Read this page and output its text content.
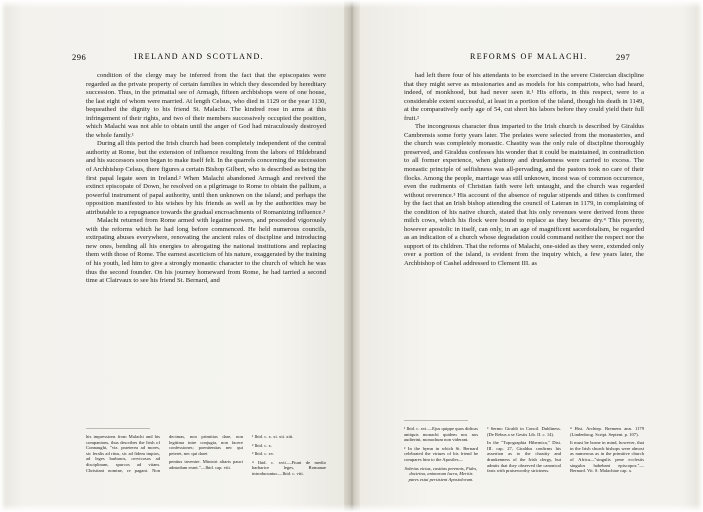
296	IRELAND AND SCOTLAND.

condition of the clergy may be inferred from the fact that the episcopates were regarded as the private property of certain families in which they descended by hereditary succession. Thus, in the primatial see of Armagh, fifteen archbishops were of one house, the last eight of whom were married. At length Celsus, who died in 1129 or the year 1130, bequeathed the dignity to his friend St. Malachi. The kindred rose in arms at this infringement of their rights, and two of their members successively occupied the position, which Malachi was not able to obtain until the anger of God had miraculously destroyed the whole family.¹

During all this period the Irish church had been completely independent of the central authority at Rome, but the extension of influence resulting from the labors of Hildebrand and his successors soon began to make itself felt. In the quarrels concerning the succession of Archbishop Celsus, there figures a certain Bishop Gilbert, who is described as being the first papal legate seen in Ireland.² When Malachi abandoned Armagh and revived the extinct episcopate of Down, he resolved on a pilgrimage to Rome to obtain the pallium, a powerful instrument of papal authority, until then unknown on the island; and perhaps the opposition manifested to his wishes by his friends as well as by the authorities may be attributable to a repugnance towards the gradual encroachments of Romanizing influence.³

Malachi returned from Rome armed with legatine powers, and proceeded vigorously with the reforms which he had long before commenced. He held numerous councils, extirpating abuses everywhere, renovating the ancient rules of discipline and introducing new ones, bending all his energies to abrogating the national institutions and replacing them with those of Rome. The earnest asceticism of his nature, exaggerated by the training of his youth, led him to give a strongly monastic character to the church of which he was thus the second founder. On his journey homeward from Rome, he had tarried a second time at Clairvaux to see his friend St. Bernard, and

his impressions from Malachi and his companions, thus describes the Irish of Connaught, "viz. praeterea ad mores, sic feralis ad ritus, sic ad fidem impios, ad leges barbaros, cervicosos ad disciplinam, spurcos ad vitam. Christiani nomine, re pagani. Non decimas, non primitias dare, non legitima inire conjugia, non facere confessiones; poenitentias nec qui peteret, nec qui daret
penitus invenire. Ministri altaris pauci admodum erant."—Ibid. cap. viii.
¹ Ibid. c. x. xi. xii. xiii.
² Ibid. c. x.
³ Ibid. c. xv.
⁴ Ibid. c. xvii.—Fiunt de medio barbarice leges, Romanae introducuntur.—Ibid. c. viii.
297
REFORMS OF MALACHI.

had left there four of his attendants to be exercised in the severe Cistercian discipline that they might serve as missionaries and as models for his compatriots, who had heard, indeed, of monkhood, but had never seen it.¹ His efforts, in this respect, were to a considerable extent successful, at least in a portion of the island, though his death in 1149, at the comparatively early age of 54, cut short his labors before they could yield their full fruit.²

The incongruous character thus imparted to the Irish church is described by Giraldus Cambrensis some forty years later. The prelates were selected from the monasteries, and the church was completely monastic. Chastity was the only rule of discipline thoroughly preserved, and Giraldus confesses his wonder that it could be maintained, in contradiction to all former experience, when gluttony and drunkenness were carried to excess. The monastic principle of selfishness was all-pervading, and the pastors took no care of their flocks. Among the people, marriage was still unknown, incest was of common occurrence, even the rudiments of Christian faith were left untaught, and the church was regarded without reverence.³ His account of the absence of regular stipends and tithes is confirmed by the fact that an Irish bishop attending the council of Lateran in 1179, in complaining of the condition of his native church, stated that his only revenues were derived from three milch cows, which his flock were bound to replace as they became dry.⁴ This poverty, however apostolic in itself, can only, in an age of magnificent sacerdotalism, be regarded as an indication of a church whose degradation could command neither the respect nor the support of its children. That the reforms of Malachi, one-sided as they were, extended only over a portion of the island, is evident from the inquiry which, a few years later, the Archbishop of Cashel addressed to Clement III. as

¹ Ibid. c. xvi.—Ejus quippe quos didicas antiquis monachi quidem nos nos audierint, monachum non viderant.
² In the hymn in which St. Bernard celebrated the virtues of his friend he compares him to the Apostles—
Sobrius victus, castitas perennis, Fides, doctrina, animarum lucra, Meritis pares estui persistent Apostolorum.
³ Sermo Giraldi in Concil. Dubliness. (De Rebus a se Gestis Lib. II. c. 14).
In the "Topographia Hibernica," Dist. III. cap. 27, Giraldus confirms his assertion as to the chastity and drunkenness of the Irish clergy, but admits that they observed the canonical fasts with praiseworthy strictness.
⁴ Hist. Archiep. Bremens ann. 1179 (Lindenbrog. Script. Septent. p. 107).
It must be borne in mind, however, that in the Irish church bishops were almost as numerous as in the primitive church of Africa—"singulis pene ecclesiis singulos habebant episcopos."—Bernard. Vit. S. Malachiae cap. x.
